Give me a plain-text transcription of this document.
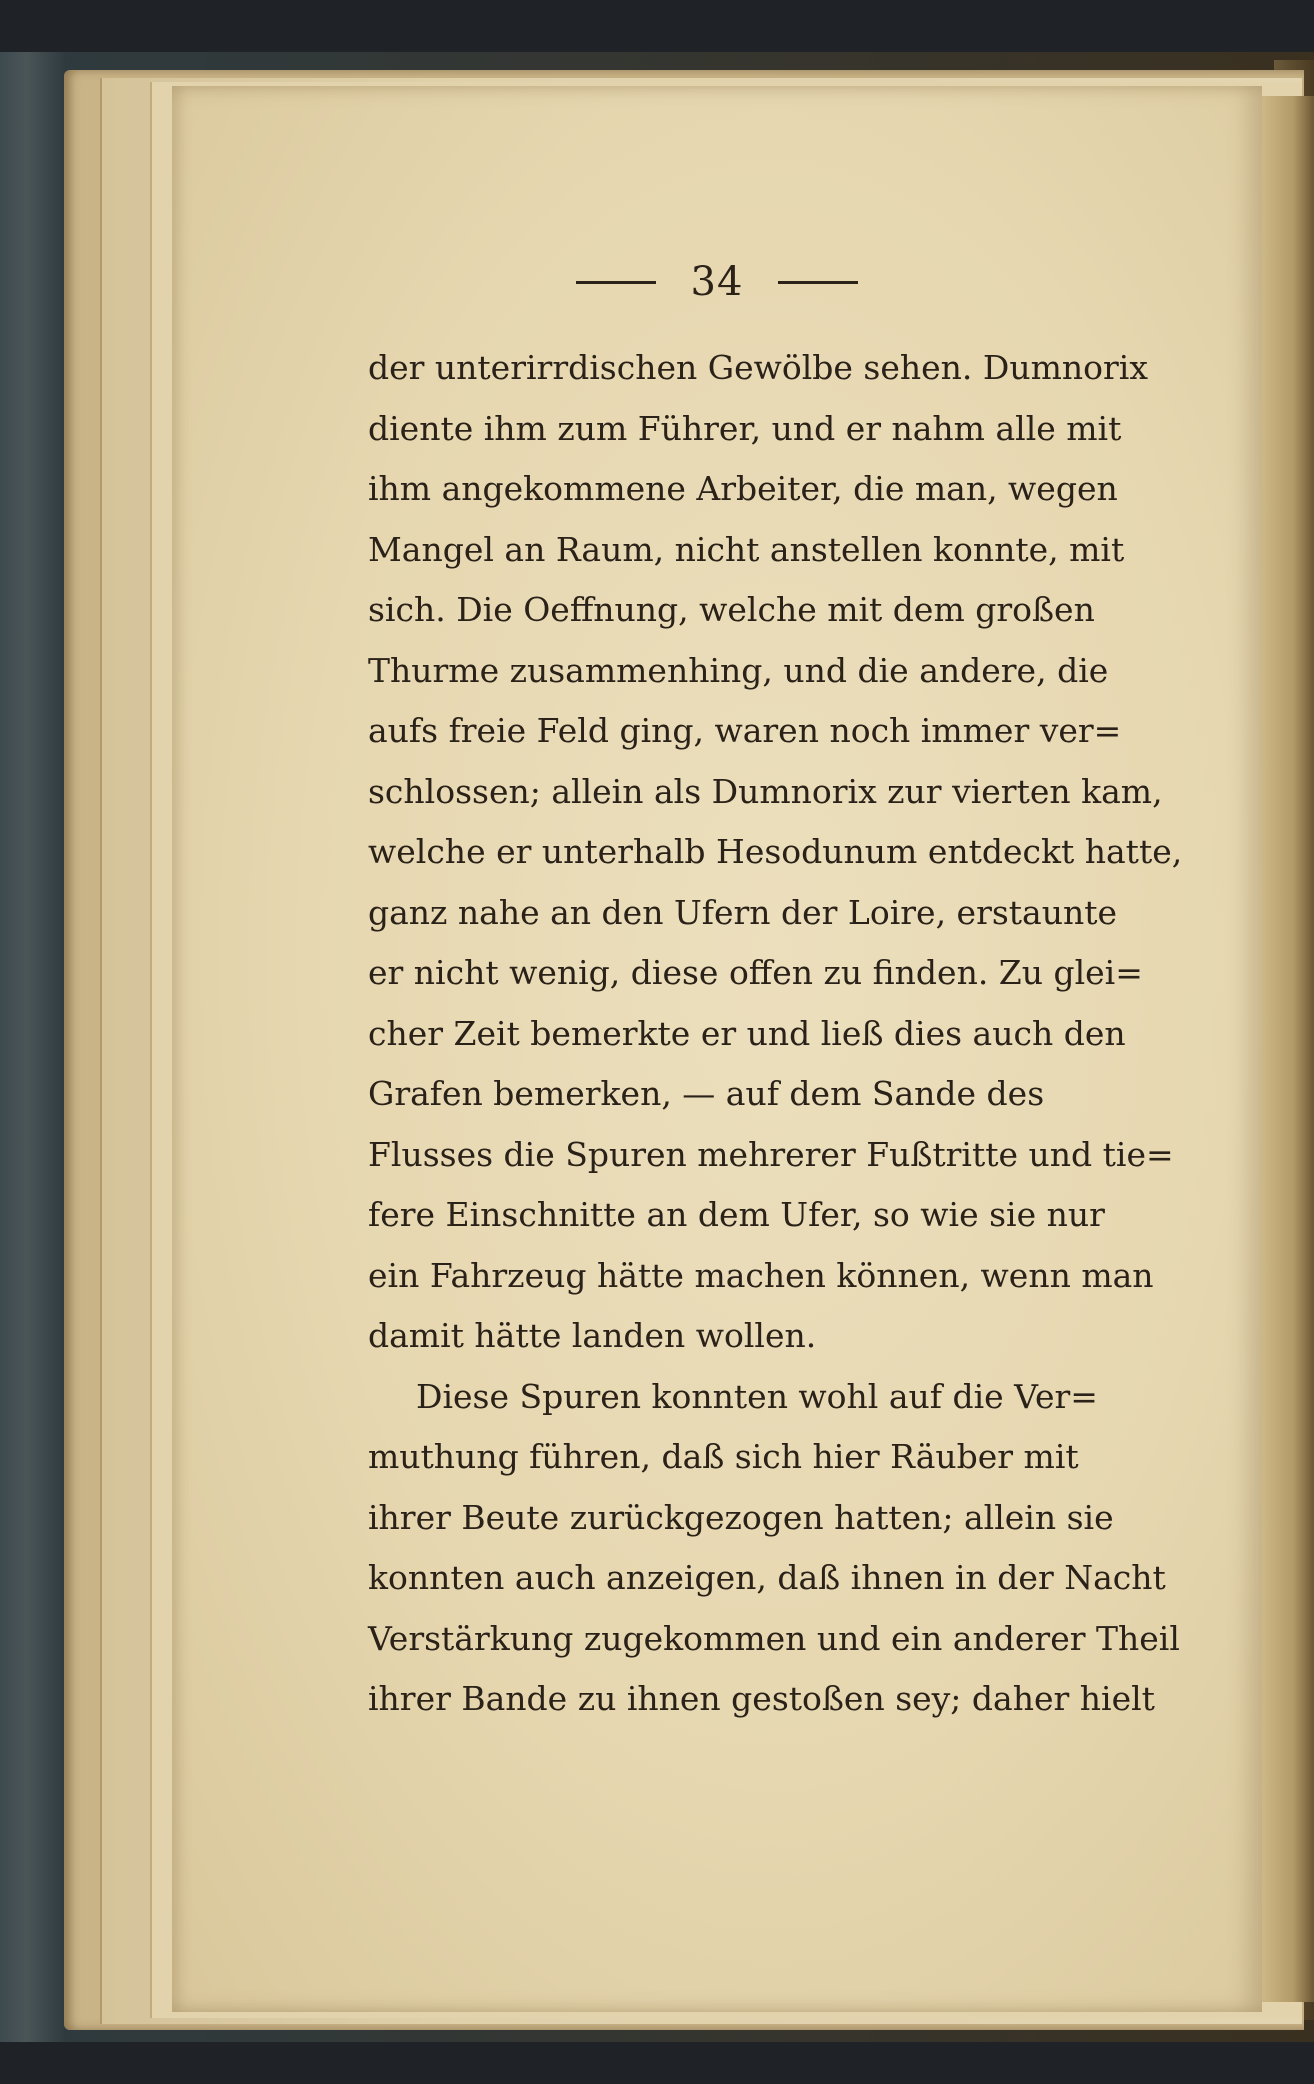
34
der unterirrdischen Gewölbe sehen. Dumnorix
diente ihm zum Führer, und er nahm alle mit
ihm angekommene Arbeiter, die man, wegen
Mangel an Raum, nicht anstellen konnte, mit
sich. Die Oeffnung, welche mit dem großen
Thurme zusammenhing, und die andere, die
aufs freie Feld ging, waren noch immer ver=
schlossen; allein als Dumnorix zur vierten kam,
welche er unterhalb Hesodunum entdeckt hatte,
ganz nahe an den Ufern der Loire, erstaunte
er nicht wenig, diese offen zu finden. Zu glei=
cher Zeit bemerkte er und ließ dies auch den
Grafen bemerken, — auf dem Sande des
Flusses die Spuren mehrerer Fußtritte und tie=
fere Einschnitte an dem Ufer, so wie sie nur
ein Fahrzeug hätte machen können, wenn man
damit hätte landen wollen.
Diese Spuren konnten wohl auf die Ver=
muthung führen, daß sich hier Räuber mit
ihrer Beute zurückgezogen hatten; allein sie
konnten auch anzeigen, daß ihnen in der Nacht
Verstärkung zugekommen und ein anderer Theil
ihrer Bande zu ihnen gestoßen sey; daher hielt
